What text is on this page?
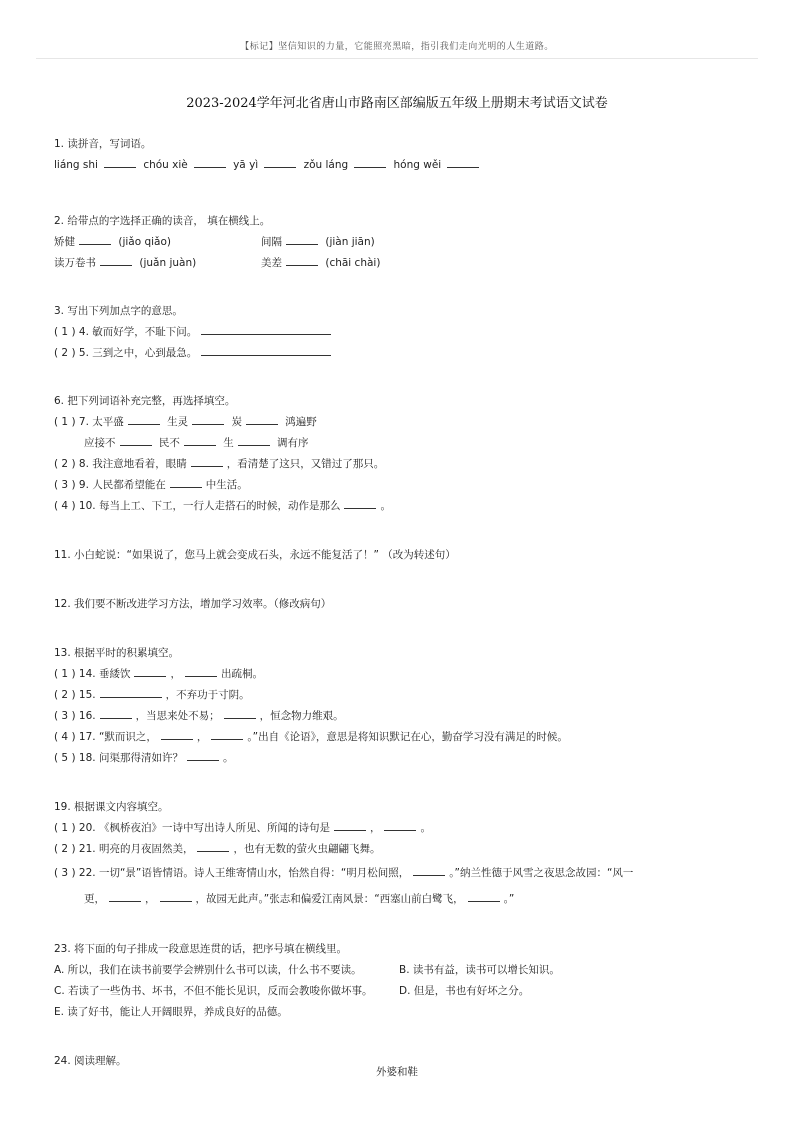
【标记】坚信知识的力量，它能照亮黑暗，指引我们走向光明的人生道路。
2023-2024学年河北省唐山市路南区部编版五年级上册期末考试语文试卷
1. 读拼音，写词语。
liáng shi	chóu xiè	yā yì	zǒu láng	hóng wěi
2. 给带点的字选择正确的读音， 填在横线上。
矫健	(jiǎo qiǎo)	间隔	(jiàn jiān)
读万卷书	(juǎn juàn)	美差	(chāi chài)
3. 写出下列加点字的意思。
( 1 ) 4. 敏而好学，不耻下问。
( 2 ) 5. 三到之中，心到最急。
6. 把下列词语补充完整，再选择填空。
( 1 ) 7. 太平盛	生灵	炭	鸿遍野
应接不	民不	生	调有序
( 2 ) 8. 我注意地看着，眼睛	，看清楚了这只，又错过了那只。
( 3 ) 9. 人民都希望能在	中生活。
( 4 ) 10. 每当上工、下工，一行人走搭石的时候，动作是那么	。
11. 小白蛇说：“如果说了，您马上就会变成石头，永远不能复活了！” （改为转述句）
12. 我们要不断改进学习方法，增加学习效率。（修改病句）
13. 根据平时的积累填空。
( 1 ) 14. 垂緌饮	，	出疏桐。
( 2 ) 15.	，不弃功于寸阴。
( 3 ) 16.	，当思来处不易；	，恒念物力维艰。
( 4 ) 17. “默而识之，	，	。”出自《论语》，意思是将知识默记在心，勤奋学习没有满足的时候。
( 5 ) 18. 问渠那得清如许？	。
19. 根据课文内容填空。
( 1 ) 20. 《枫桥夜泊》一诗中写出诗人所见、所闻的诗句是	，	。
( 2 ) 21. 明亮的月夜固然美，	，也有无数的萤火虫翩翩飞舞。
( 3 ) 22. 一切“景”语皆情语。诗人王维寄情山水，怡然自得：“明月松间照，	。”纳兰性德于风雪之夜思念故园：“风一
更，	，	，故园无此声。”张志和偏爱江南风景：“西塞山前白鹭飞，	。”
23. 将下面的句子排成一段意思连贯的话，把序号填在横线里。
A. 所以，我们在读书前要学会辨别什么书可以读，什么书不要读。	B. 读书有益，读书可以增长知识。
C. 若读了一些伪书、坏书，不但不能长见识，反而会教唆你做坏事。	D. 但是，书也有好坏之分。
E. 读了好书，能让人开阔眼界，养成良好的品德。
24. 阅读理解。
外婆和鞋
